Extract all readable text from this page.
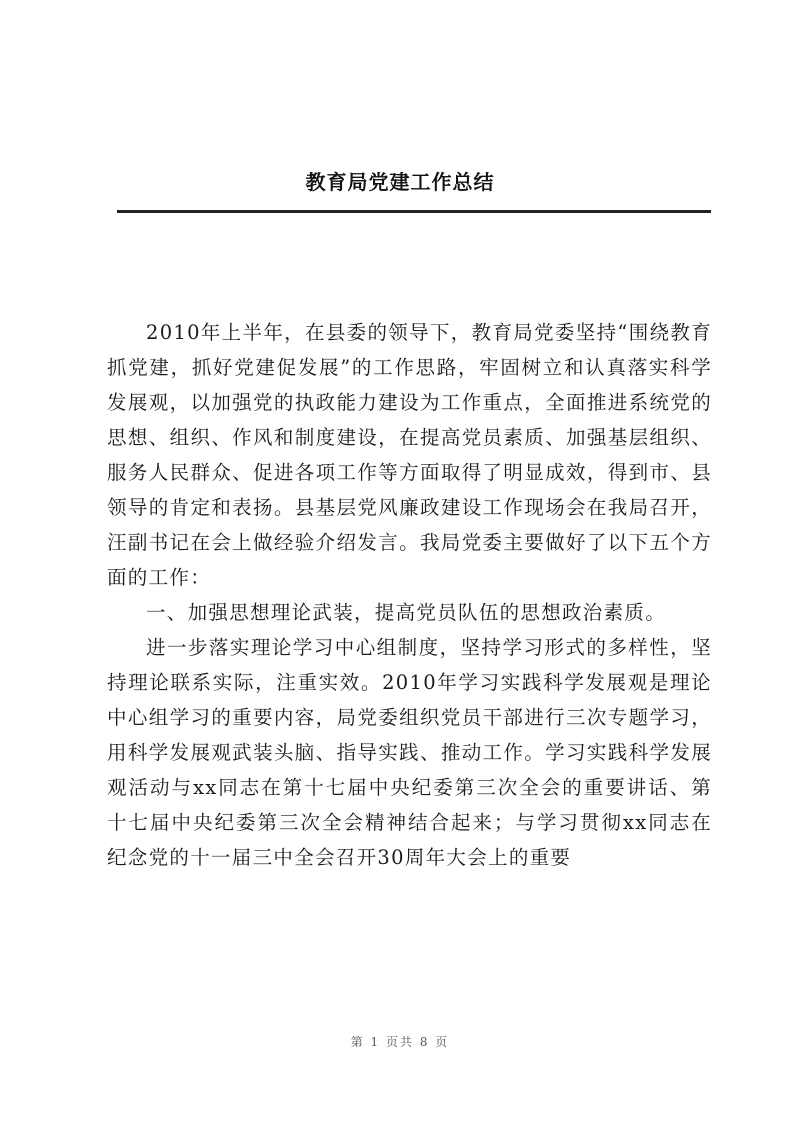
教育局党建工作总结

2010年上半年，在县委的领导下，教育局党委坚持“围绕教育抓党建，抓好党建促发展”的工作思路，牢固树立和认真落实科学发展观，以加强党的执政能力建设为工作重点，全面推进系统党的思想、组织、作风和制度建设，在提高党员素质、加强基层组织、服务人民群众、促进各项工作等方面取得了明显成效，得到市、县领导的肯定和表扬。县基层党风廉政建设工作现场会在我局召开，汪副书记在会上做经验介绍发言。我局党委主要做好了以下五个方面的工作：

一、加强思想理论武装，提高党员队伍的思想政治素质。

进一步落实理论学习中心组制度，坚持学习形式的多样性，坚持理论联系实际，注重实效。2010年学习实践科学发展观是理论中心组学习的重要内容，局党委组织党员干部进行三次专题学习，用科学发展观武装头脑、指导实践、推动工作。学习实践科学发展观活动与xx同志在第十七届中央纪委第三次全会的重要讲话、第十七届中央纪委第三次全会精神结合起来；与学习贯彻xx同志在纪念党的十一届三中全会召开30周年大会上的重要

第 1 页共 8 页
